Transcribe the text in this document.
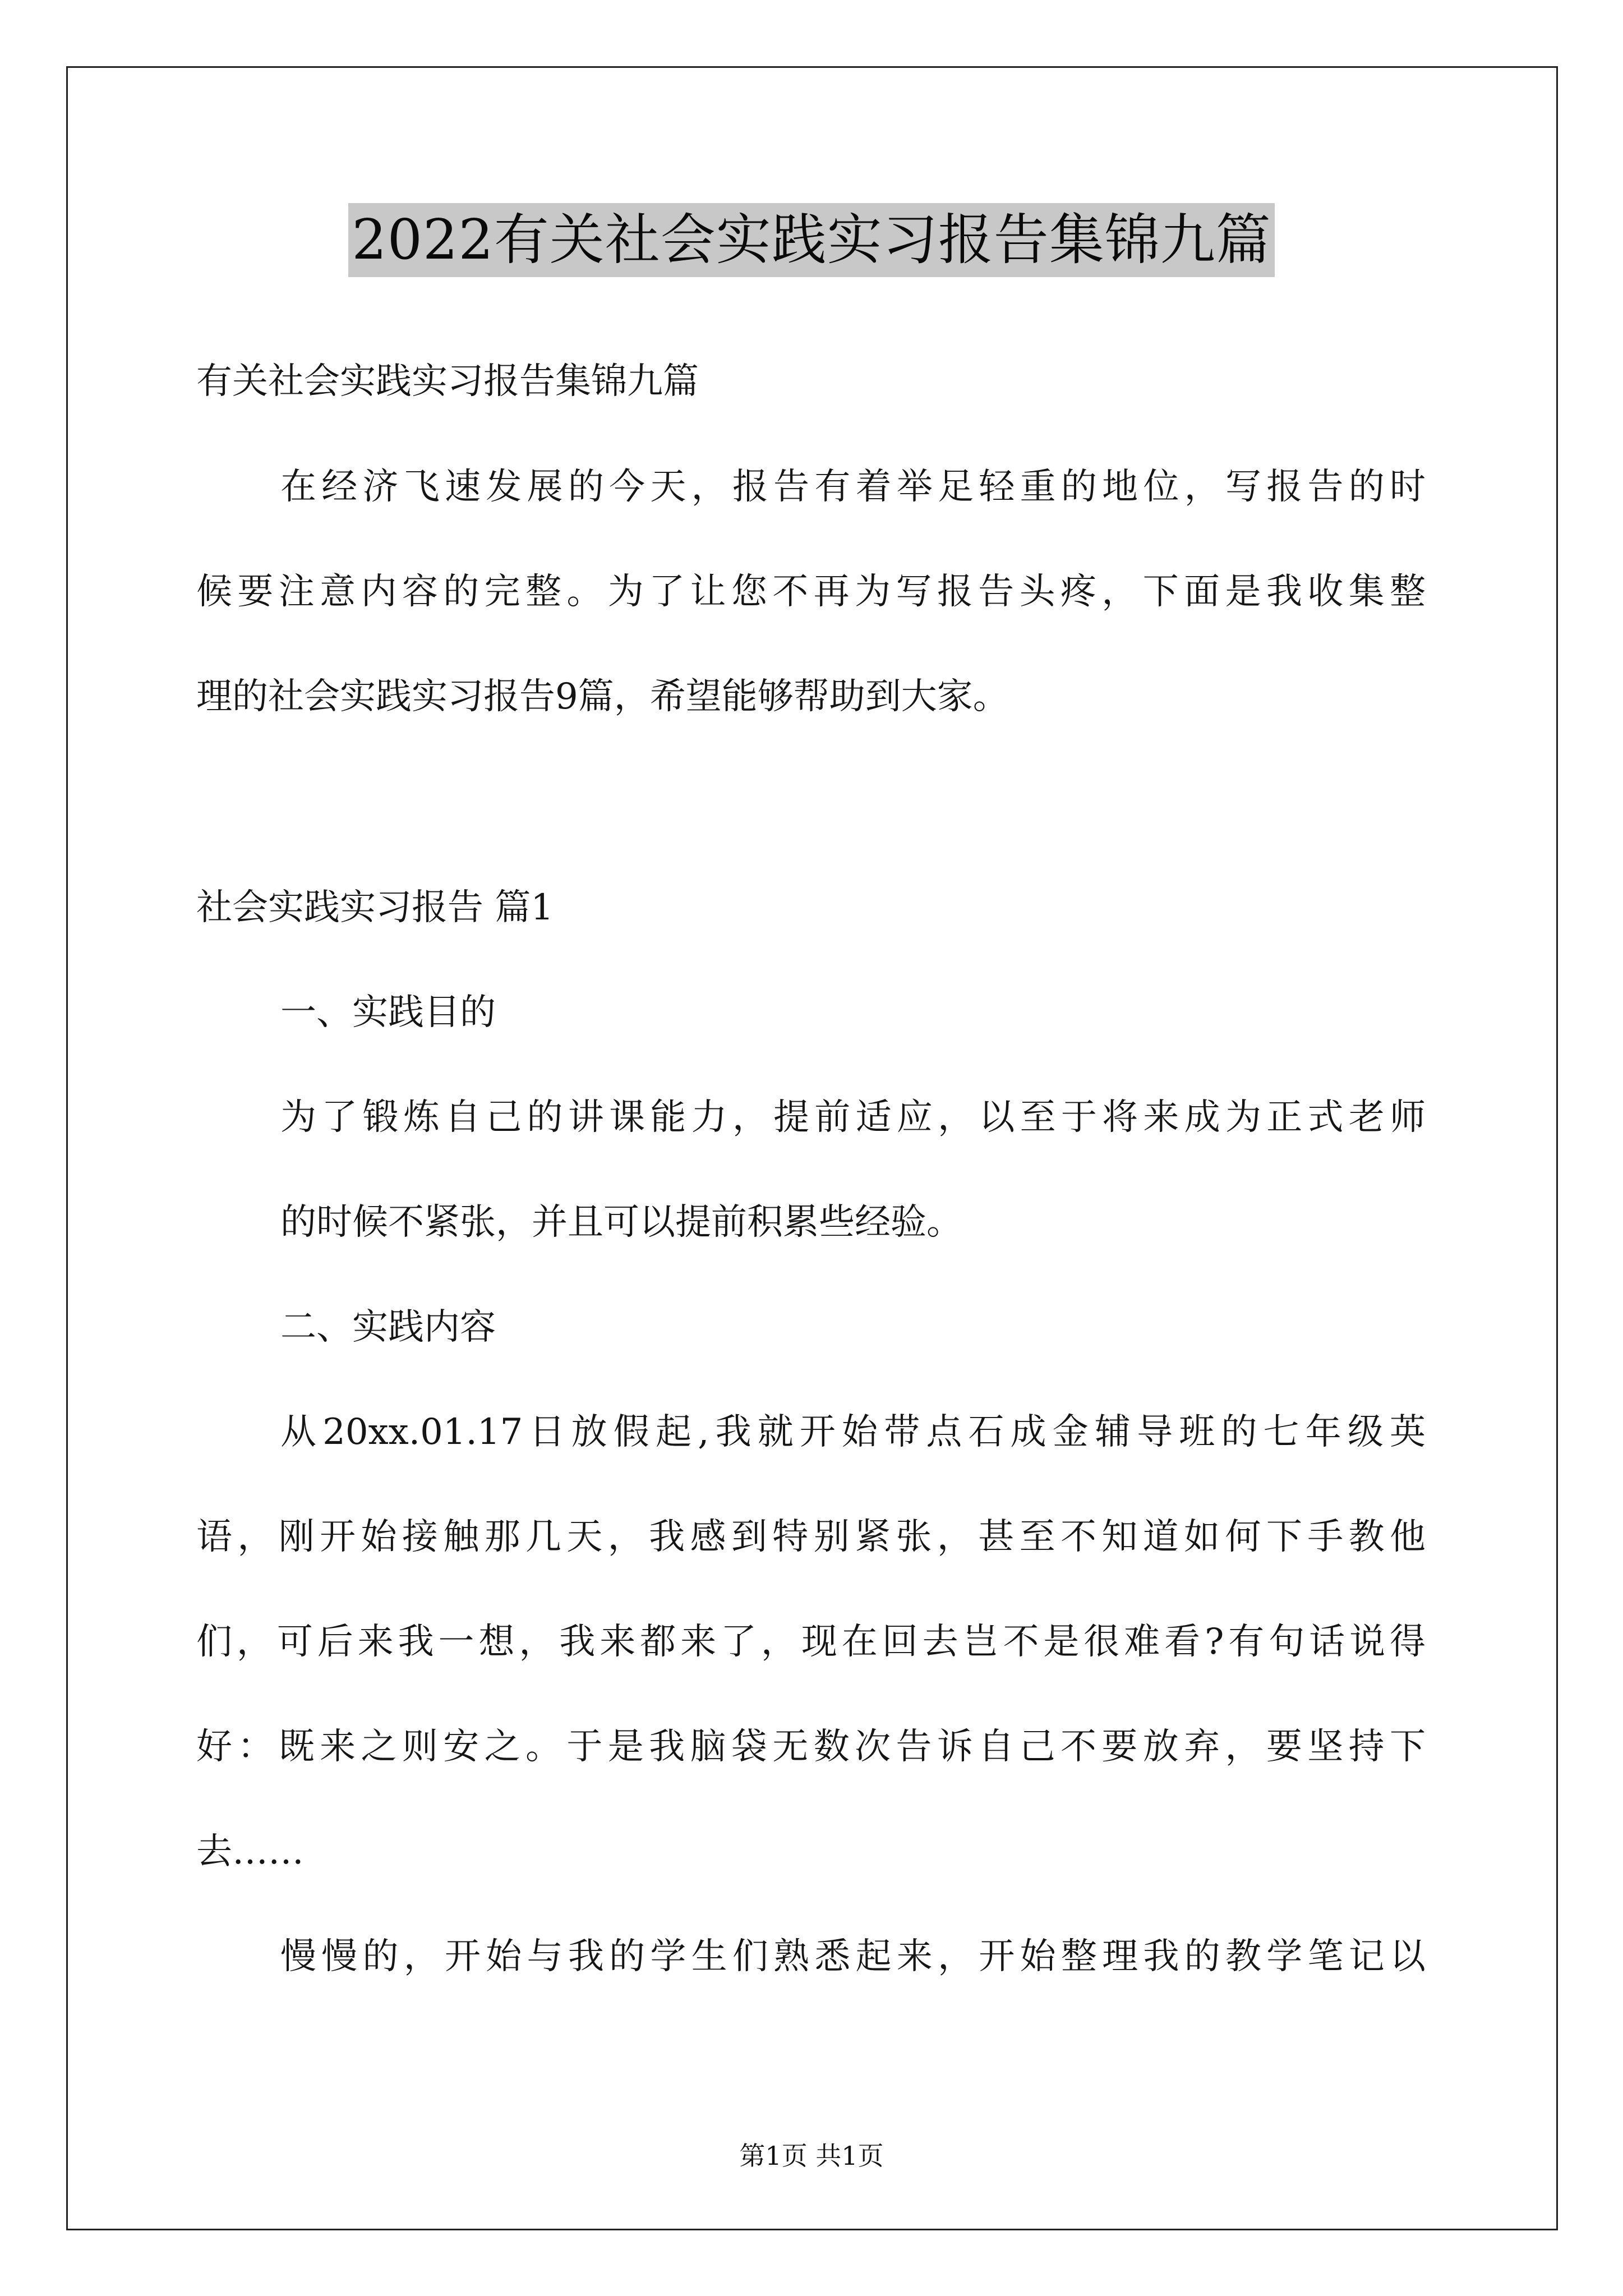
2022有关社会实践实习报告集锦九篇
有关社会实践实习报告集锦九篇
在经济飞速发展的今天，报告有着举足轻重的地位，写报告的时
候要注意内容的完整。为了让您不再为写报告头疼，下面是我收集整
理的社会实践实习报告9篇，希望能够帮助到大家。
社会实践实习报告 篇1
一、实践目的
为了锻炼自己的讲课能力，提前适应，以至于将来成为正式老师
的时候不紧张，并且可以提前积累些经验。
二、实践内容
从20xx.01.17日放假起,我就开始带点石成金辅导班的七年级英
语，刚开始接触那几天，我感到特别紧张，甚至不知道如何下手教他
们，可后来我一想，我来都来了，现在回去岂不是很难看?有句话说得
好：既来之则安之。于是我脑袋无数次告诉自己不要放弃，要坚持下
去……
慢慢的，开始与我的学生们熟悉起来，开始整理我的教学笔记以
第1页 共1页
